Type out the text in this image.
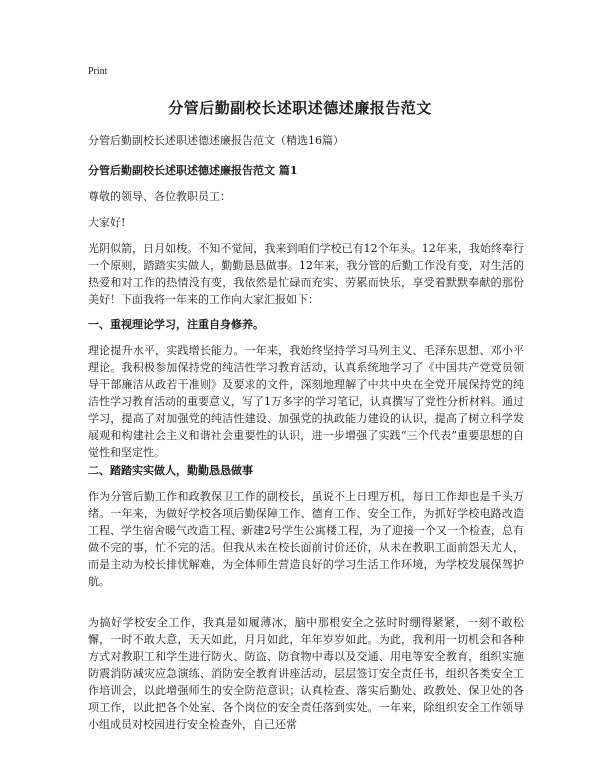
Print
分管后勤副校长述职述德述廉报告范文
分管后勤副校长述职述德述廉报告范文（精选16篇）
分管后勤副校长述职述德述廉报告范文 篇1
尊敬的领导、各位教职员工：
大家好!

光阴似箭，日月如梭。不知不觉间，我来到咱们学校已有12个年头。12年来，我始终奉行一个原则，踏踏实实做人，勤勤恳恳做事。12年来，我分管的后勤工作没有变，对生活的热爱和对工作的热情没有变，我依然是忙碌而充实、劳累而快乐，享受着默默奉献的那份美好！下面我将一年来的工作向大家汇报如下：

一、重视理论学习，注重自身修养。

理论提升水平，实践增长能力。一年来，我始终坚持学习马列主义、毛泽东思想、邓小平理论。我积极参加保持党的纯洁性学习教育活动，认真系统地学习了《中国共产党党员领导干部廉洁从政若干准则》及要求的文件，深刻地理解了中共中央在全党开展保持党的纯洁性学习教育活动的重要意义，写了1万多字的学习笔记，认真撰写了党性分析材料。通过学习，提高了对加强党的纯洁性建设、加强党的执政能力建设的认识，提高了树立科学发展观和构建社会主义和谐社会重要性的认识，进一步增强了实践“三个代表”重要思想的自觉性和坚定性。

二、踏踏实实做人，勤勤恳恳做事

作为分管后勤工作和政教保卫工作的副校长，虽说不上日理万机，每日工作却也是千头万绪。一年来，为做好学校各项后勤保障工作、德育工作、安全工作，为抓好学校电路改造工程、学生宿舍暖气改造工程、新建2号学生公寓楼工程，为了迎接一个又一个检查，总有做不完的事，忙不完的活。但我从未在校长面前讨价还价，从未在教职工面前怨天尤人，而是主动为校长排忧解难，为全体师生营造良好的学习生活工作环境，为学校发展保驾护航。

为搞好学校安全工作，我真是如履薄冰，脑中那根安全之弦时时绷得紧紧，一刻不敢松懈，一时不敢大意，天天如此，月月如此，年年岁岁如此。为此，我利用一切机会和各种方式对教职工和学生进行防火、防盗、防食物中毒以及交通、用电等安全教育，组织实施防震消防减灾应急演练、消防安全教育讲座活动，层层签订安全责任书，组织各类安全工作培训会，以此增强师生的安全防范意识；认真检查、落实后勤处、政教处、保卫处的各项工作，以此把各个处室、各个岗位的安全责任落到实处。一年来，除组织安全工作领导小组成员对校园进行安全检查外，自己还常
